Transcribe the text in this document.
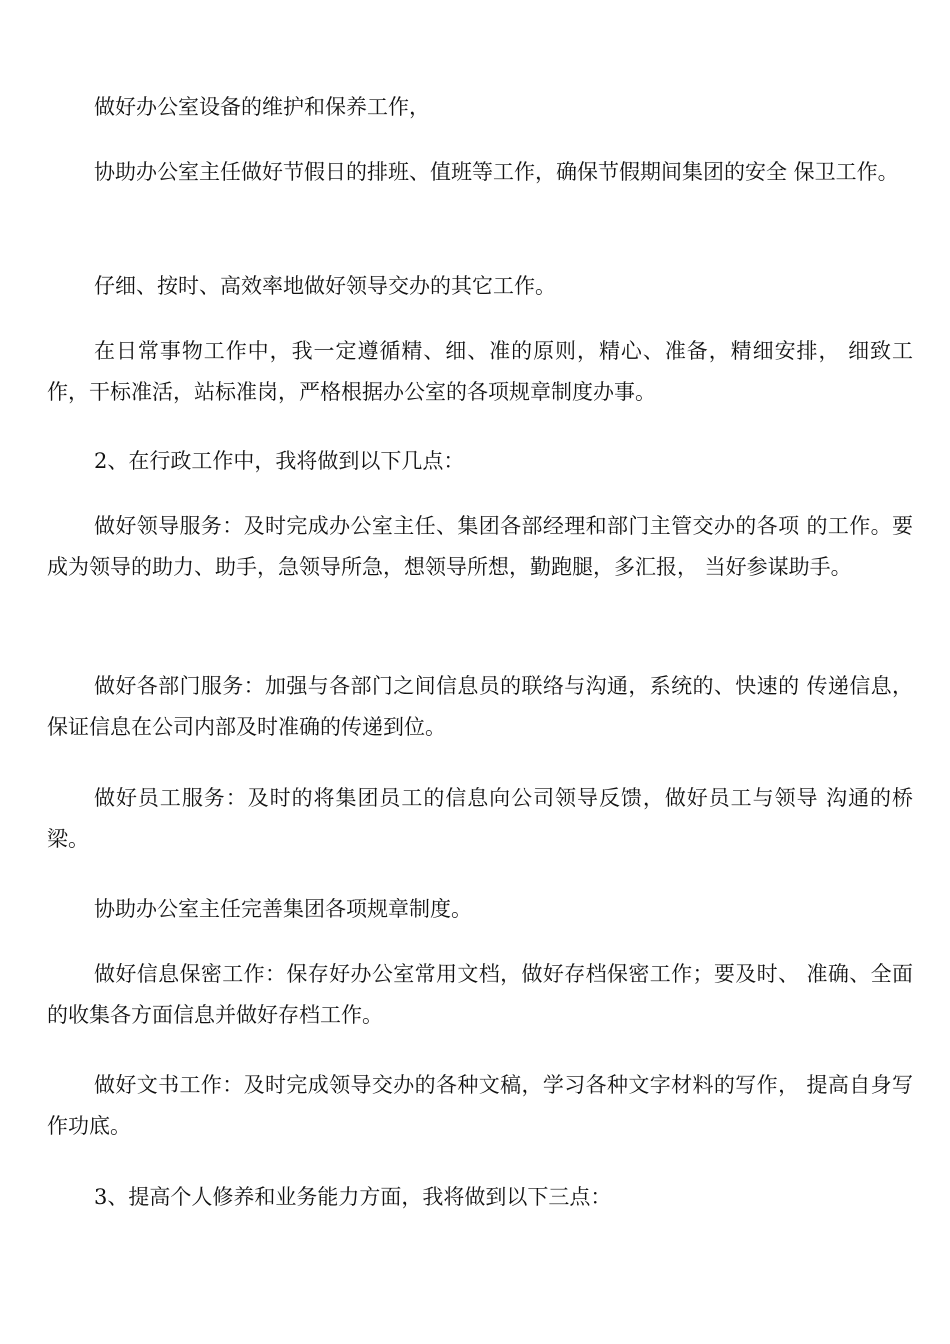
做好办公室设备的维护和保养工作，

协助办公室主任做好节假日的排班、值班等工作，确保节假期间集团的安全 保卫工作。

仔细、按时、高效率地做好领导交办的其它工作。

在日常事物工作中，我一定遵循精、细、准的原则，精心、准备，精细安排， 细致工作，干标准活，站标准岗，严格根据办公室的各项规章制度办事。

2、在行政工作中，我将做到以下几点：

做好领导服务：及时完成办公室主任、集团各部经理和部门主管交办的各项 的工作。要成为领导的助力、助手，急领导所急，想领导所想，勤跑腿，多汇报， 当好参谋助手。

做好各部门服务：加强与各部门之间信息员的联络与沟通，系统的、快速的 传递信息，保证信息在公司内部及时准确的传递到位。

做好员工服务：及时的将集团员工的信息向公司领导反馈，做好员工与领导 沟通的桥梁。

协助办公室主任完善集团各项规章制度。

做好信息保密工作：保存好办公室常用文档，做好存档保密工作；要及时、 准确、全面的收集各方面信息并做好存档工作。

做好文书工作：及时完成领导交办的各种文稿，学习各种文字材料的写作， 提高自身写作功底。

3、提高个人修养和业务能力方面，我将做到以下三点：
